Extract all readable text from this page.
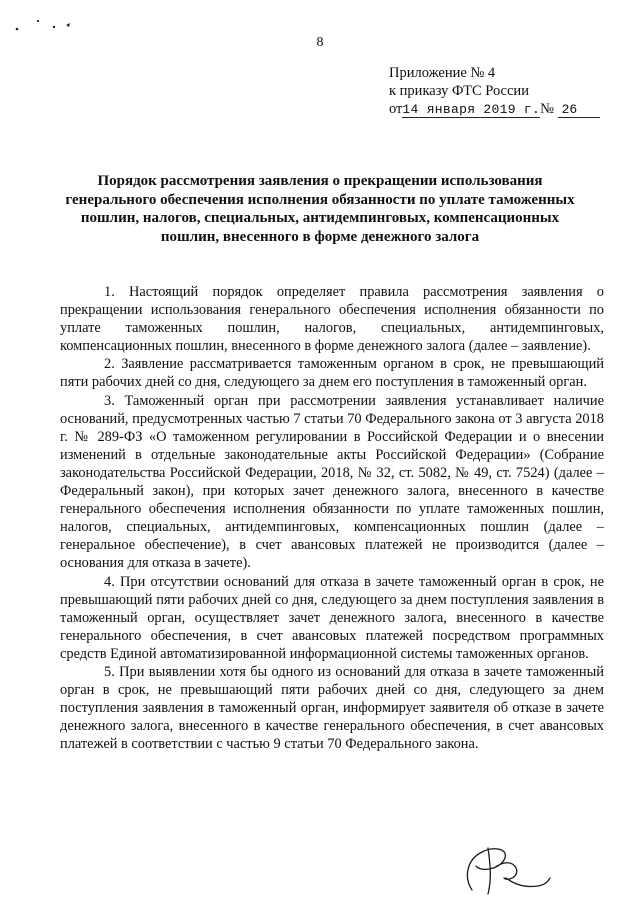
8
Приложение № 4
к приказу ФТС России
от14 января 2019 г.№ 26
Порядок рассмотрения заявления о прекращении использования
генерального обеспечения исполнения обязанности по уплате таможенных
пошлин, налогов, специальных, антидемпинговых, компенсационных
пошлин, внесенного в форме денежного залога

1. Настоящий порядок определяет правила рассмотрения заявления о прекращении использования генерального обеспечения исполнения обязанности по уплате таможенных пошлин, налогов, специальных, антидемпинговых, компенсационных пошлин, внесенного в форме денежного залога (далее – заявление).

2. Заявление рассматривается таможенным органом в срок, не превышающий пяти рабочих дней со дня, следующего за днем его поступления в таможенный орган.

3. Таможенный орган при рассмотрении заявления устанавливает наличие оснований, предусмотренных частью 7 статьи 70 Федерального закона от 3 августа 2018 г. № 289-ФЗ «О таможенном регулировании в Российской Федерации и о внесении изменений в отдельные законодательные акты Российской Федерации» (Собрание законодательства Российской Федерации, 2018, № 32, ст. 5082, № 49, ст. 7524) (далее – Федеральный закон), при которых зачет денежного залога, внесенного в качестве генерального обеспечения исполнения обязанности по уплате таможенных пошлин, налогов, специальных, антидемпинговых, компенсационных пошлин (далее – генеральное обеспечение), в счет авансовых платежей не производится (далее – основания для отказа в зачете).

4. При отсутствии оснований для отказа в зачете таможенный орган в срок, не превышающий пяти рабочих дней со дня, следующего за днем поступления заявления в таможенный орган, осуществляет зачет денежного залога, внесенного в качестве генерального обеспечения, в счет авансовых платежей посредством программных средств Единой автоматизированной информационной системы таможенных органов.

5. При выявлении хотя бы одного из оснований для отказа в зачете таможенный орган в срок, не превышающий пяти рабочих дней со дня, следующего за днем поступления заявления в таможенный орган, информирует заявителя об отказе в зачете денежного залога, внесенного в качестве генерального обеспечения, в счет авансовых платежей в соответствии с частью 9 статьи 70 Федерального закона.
